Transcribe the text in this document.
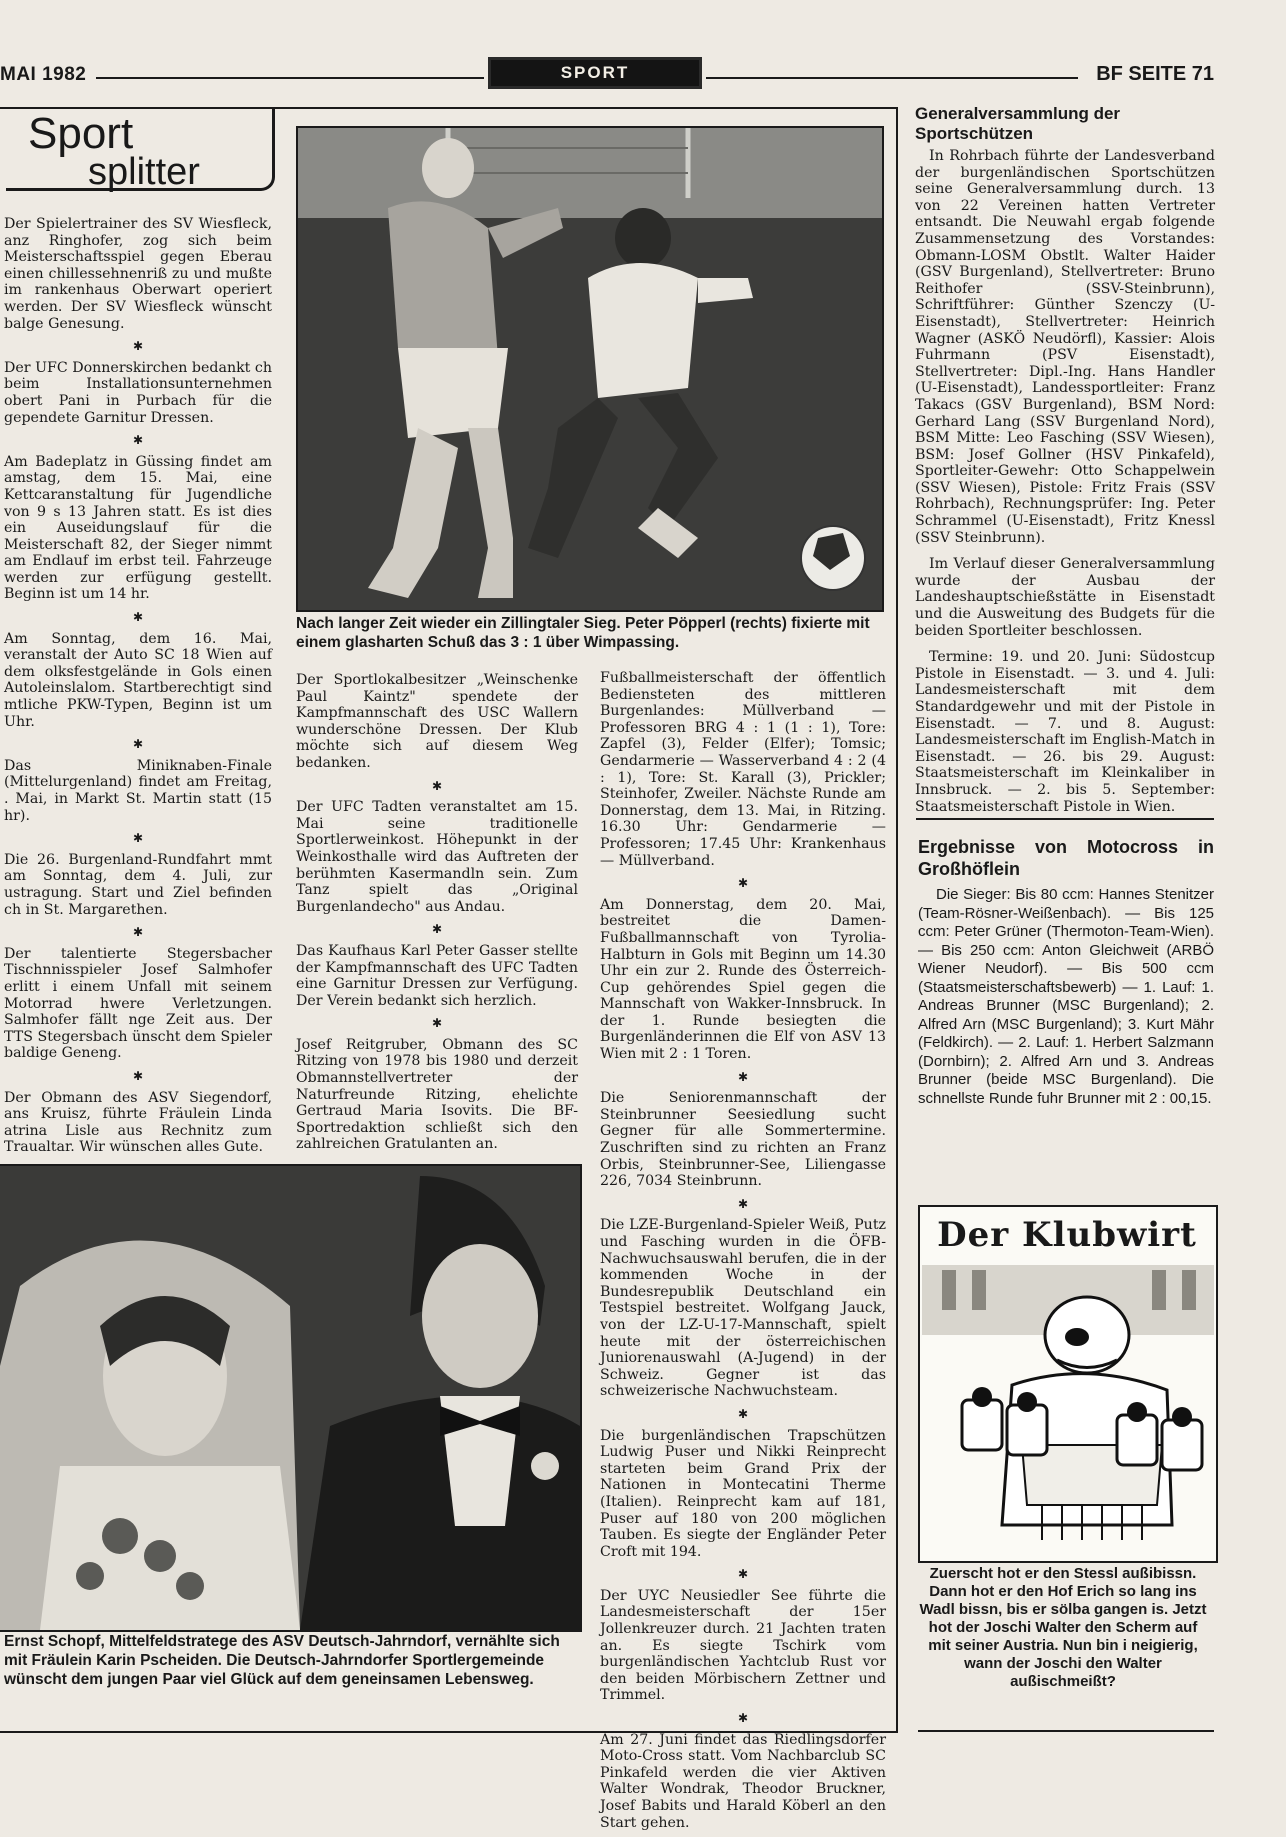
MAI 1982	SPORT	BF SEITE 71
Sport
splitter

Der Spielertrainer des SV Wiesfleck, anz Ringhofer, zog sich beim Meisterschaftsspiel gegen Eberau einen chillessehnenriß zu und mußte im rankenhaus Oberwart operiert werden. Der SV Wiesfleck wünscht balge Genesung.

✱

Der UFC Donnerskirchen bedankt ch beim Installationsunternehmen obert Pani in Purbach für die gependete Garnitur Dressen.

✱

Am Badeplatz in Güssing findet am amstag, dem 15. Mai, eine Kettcaranstaltung für Jugendliche von 9 s 13 Jahren statt. Es ist dies ein Auseidungslauf für die Meisterschaft 82, der Sieger nimmt am Endlauf im erbst teil. Fahrzeuge werden zur erfügung gestellt. Beginn ist um 14 hr.

✱

Am Sonntag, dem 16. Mai, veranstalt der Auto SC 18 Wien auf dem olksfestgelände in Gols einen Autoleinslalom. Startberechtigt sind mtliche PKW-Typen, Beginn ist um Uhr.

✱

Das Miniknaben-Finale (Mittelurgenland) findet am Freitag, . Mai, in Markt St. Martin statt (15 hr).

✱

Die 26. Burgenland-Rundfahrt mmt am Sonntag, dem 4. Juli, zur ustragung. Start und Ziel befinden ch in St. Margarethen.

✱

Der talentierte Stegersbacher Tischnnisspieler Josef Salmhofer erlitt i einem Unfall mit seinem Motorrad hwere Verletzungen. Salmhofer fällt nge Zeit aus. Der TTS Stegersbach ünscht dem Spieler baldige Geneng.

✱

Der Obmann des ASV Siegendorf, ans Kruisz, führte Fräulein Linda atrina Lisle aus Rechnitz zum Traualtar. Wir wünschen alles Gute.

Nach langer Zeit wieder ein Zillingtaler Sieg. Peter Pöpperl (rechts) fixierte mit einem glasharten Schuß das 3 : 1 über Wimpassing.

Der Sportlokalbesitzer „Weinschenke Paul Kaintz" spendete der Kampfmannschaft des USC Wallern wunderschöne Dressen. Der Klub möchte sich auf diesem Weg bedanken.

✱

Der UFC Tadten veranstaltet am 15. Mai seine traditionelle Sportlerweinkost. Höhepunkt in der Weinkosthalle wird das Auftreten der berühmten Kasermandln sein. Zum Tanz spielt das „Original Burgenlandecho" aus Andau.

✱

Das Kaufhaus Karl Peter Gasser stellte der Kampfmannschaft des UFC Tadten eine Garnitur Dressen zur Verfügung. Der Verein bedankt sich herzlich.

✱

Josef Reitgruber, Obmann des SC Ritzing von 1978 bis 1980 und derzeit Obmannstellvertreter der Naturfreunde Ritzing, ehelichte Gertraud Maria Isovits. Die BF-Sportredaktion schließt sich den zahlreichen Gratulanten an.

Fußballmeisterschaft der öffentlich Bediensteten des mittleren Burgenlandes: Müllverband — Professoren BRG 4 : 1 (1 : 1), Tore: Zapfel (3), Felder (Elfer); Tomsic; Gendarmerie — Wasserverband 4 : 2 (4 : 1), Tore: St. Karall (3), Prickler; Steinhofer, Zweiler. Nächste Runde am Donnerstag, dem 13. Mai, in Ritzing. 16.30 Uhr: Gendarmerie — Professoren; 17.45 Uhr: Krankenhaus — Müllverband.

✱

Am Donnerstag, dem 20. Mai, bestreitet die Damen-Fußballmannschaft von Tyrolia-Halbturn in Gols mit Beginn um 14.30 Uhr ein zur 2. Runde des Österreich-Cup gehörendes Spiel gegen die Mannschaft von Wakker-Innsbruck. In der 1. Runde besiegten die Burgenländerinnen die Elf von ASV 13 Wien mit 2 : 1 Toren.

✱

Die Seniorenmannschaft der Steinbrunner Seesiedlung sucht Gegner für alle Sommertermine. Zuschriften sind zu richten an Franz Orbis, Steinbrunner-See, Liliengasse 226, 7034 Steinbrunn.

✱

Die LZE-Burgenland-Spieler Weiß, Putz und Fasching wurden in die ÖFB-Nachwuchsauswahl berufen, die in der kommenden Woche in der Bundesrepublik Deutschland ein Testspiel bestreitet. Wolfgang Jauck, von der LZ-U-17-Mannschaft, spielt heute mit der österreichischen Juniorenauswahl (A-Jugend) in der Schweiz. Gegner ist das schweizerische Nachwuchsteam.

✱

Die burgenländischen Trapschützen Ludwig Puser und Nikki Reinprecht starteten beim Grand Prix der Nationen in Montecatini Therme (Italien). Reinprecht kam auf 181, Puser auf 180 von 200 möglichen Tauben. Es siegte der Engländer Peter Croft mit 194.

✱

Der UYC Neusiedler See führte die Landesmeisterschaft der 15er Jollenkreuzer durch. 21 Jachten traten an. Es siegte Tschirk vom burgenländischen Yachtclub Rust vor den beiden Mörbischern Zettner und Trimmel.

✱

Am 27. Juni findet das Riedlingsdorfer Moto-Cross statt. Vom Nachbarclub SC Pinkafeld werden die vier Aktiven Walter Wondrak, Theodor Bruckner, Josef Babits und Harald Köberl an den Start gehen.

Ernst Schopf, Mittelfeldstratege des ASV Deutsch-Jahrndorf, vernählte sich mit Fräulein Karin Pscheiden. Die Deutsch-Jahrndorfer Sportlergemeinde wünscht dem jungen Paar viel Glück auf dem geneinsamen Lebensweg.
Generalversammlung der Sportschützen

In Rohrbach führte der Landesverband der burgenländischen Sportschützen seine Generalversammlung durch. 13 von 22 Vereinen hatten Vertreter entsandt. Die Neuwahl ergab folgende Zusammensetzung des Vorstandes: Obmann-LOSM Obstlt. Walter Haider (GSV Burgenland), Stellvertreter: Bruno Reithofer (SSV-Steinbrunn), Schriftführer: Günther Szenczy (U-Eisenstadt), Stellvertreter: Heinrich Wagner (ASKÖ Neudörfl), Kassier: Alois Fuhrmann (PSV Eisenstadt), Stellvertreter: Dipl.-Ing. Hans Handler (U-Eisenstadt), Landessportleiter: Franz Takacs (GSV Burgenland), BSM Nord: Gerhard Lang (SSV Burgenland Nord), BSM Mitte: Leo Fasching (SSV Wiesen), BSM: Josef Gollner (HSV Pinkafeld), Sportleiter-Gewehr: Otto Schappelwein (SSV Wiesen), Pistole: Fritz Frais (SSV Rohrbach), Rechnungsprüfer: Ing. Peter Schrammel (U-Eisenstadt), Fritz Knessl (SSV Steinbrunn).

Im Verlauf dieser Generalversammlung wurde der Ausbau der Landeshauptschießstätte in Eisenstadt und die Ausweitung des Budgets für die beiden Sportleiter beschlossen.

Termine: 19. und 20. Juni: Südostcup Pistole in Eisenstadt. — 3. und 4. Juli: Landesmeisterschaft mit dem Standardgewehr und mit der Pistole in Eisenstadt. — 7. und 8. August: Landesmeisterschaft im English-Match in Eisenstadt. — 26. bis 29. August: Staatsmeisterschaft im Kleinkaliber in Innsbruck. — 2. bis 5. September: Staatsmeisterschaft Pistole in Wien.

Ergebnisse von Motocross in Großhöflein

Die Sieger: Bis 80 ccm: Hannes Stenitzer (Team-Rösner-Weißenbach). — Bis 125 ccm: Peter Grüner (Thermoton-Team-Wien). — Bis 250 ccm: Anton Gleichweit (ARBÖ Wiener Neudorf). — Bis 500 ccm (Staatsmeisterschaftsbewerb) — 1. Lauf: 1. Andreas Brunner (MSC Burgenland); 2. Alfred Arn (MSC Burgenland); 3. Kurt Mähr (Feldkirch). — 2. Lauf: 1. Herbert Salzmann (Dornbirn); 2. Alfred Arn und 3. Andreas Brunner (beide MSC Burgenland). Die schnellste Runde fuhr Brunner mit 2 : 00,15.

Der Klubwirt
Zuerscht hot er den Stessl außibissn. Dann hot er den Hof Erich so lang ins Wadl bissn, bis er sölba gangen is. Jetzt hot der Joschi Walter den Scherm auf mit seiner Austria. Nun bin i neigierig, wann der Joschi den Walter außischmeißt?
